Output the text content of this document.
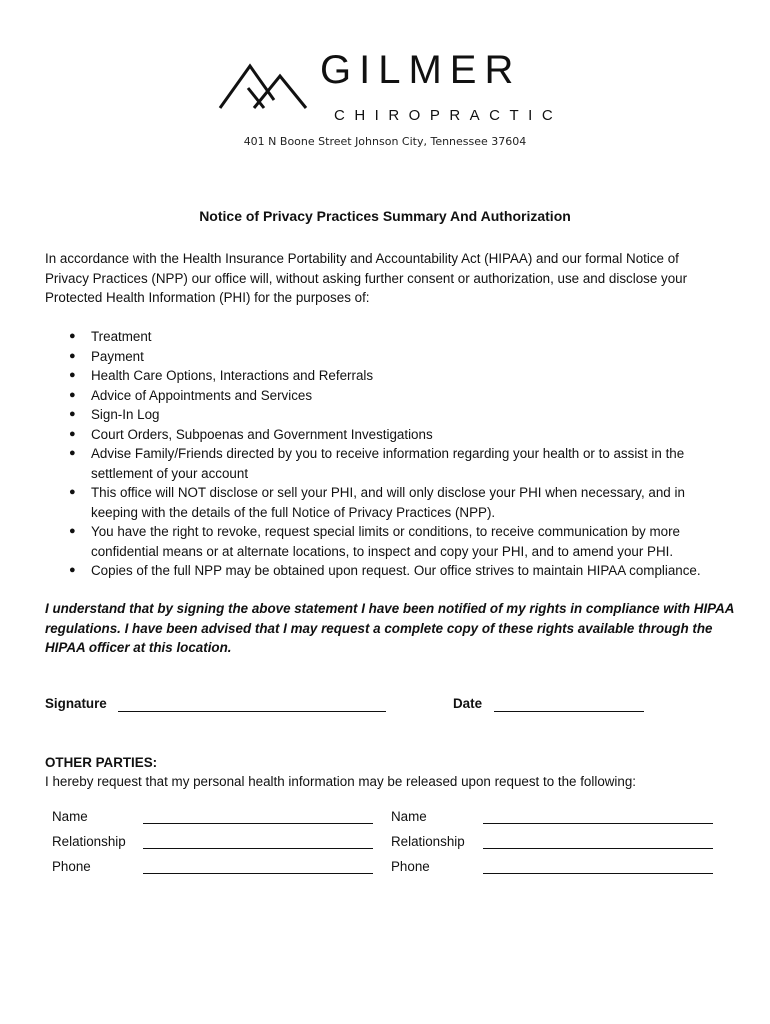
GILMER
CHIROPRACTIC
401 N Boone Street Johnson City, Tennessee 37604
Notice of Privacy Practices Summary And Authorization
In accordance with the Health Insurance Portability and Accountability Act (HIPAA) and our formal Notice of Privacy Practices (NPP) our office will, without asking further consent or authorization, use and disclose your Protected Health Information (PHI) for the purposes of:
● Treatment
● Payment
● Health Care Options, Interactions and Referrals
● Advice of Appointments and Services
● Sign-In Log
● Court Orders, Subpoenas and Government Investigations
● Advise Family/Friends directed by you to receive information regarding your health or to assist in the settlement of your account
● This office will NOT disclose or sell your PHI, and will only disclose your PHI when necessary, and in keeping with the details of the full Notice of Privacy Practices (NPP).
● You have the right to revoke, request special limits or conditions, to receive communication by more confidential means or at alternate locations, to inspect and copy your PHI, and to amend your PHI.
● Copies of the full NPP may be obtained upon request. Our office strives to maintain HIPAA compliance.
I understand that by signing the above statement I have been notified of my rights in compliance with HIPAA regulations. I have been advised that I may request a complete copy of these rights available through the HIPAA officer at this location.
Signature	Date
OTHER PARTIES:
I hereby request that my personal health information may be released upon request to the following:
Name
Relationship
Phone
Name
Relationship
Phone
